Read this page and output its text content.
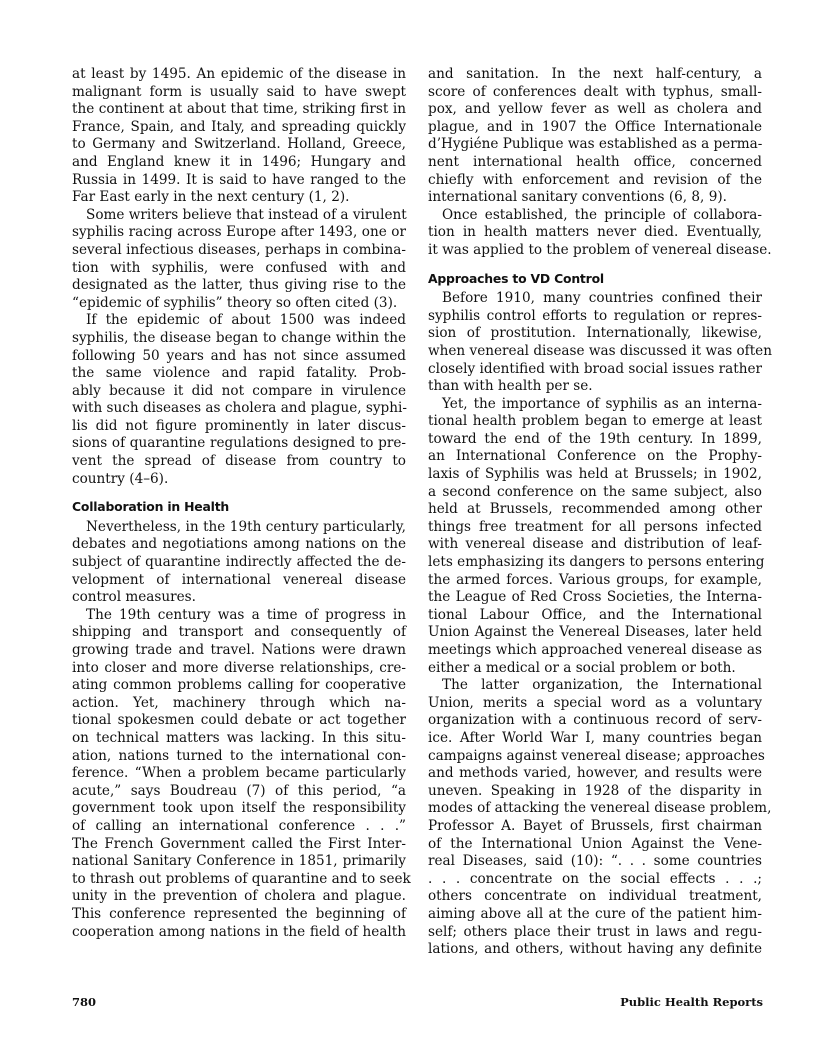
at least by 1495. An epidemic of the disease in
malignant form is usually said to have swept
the continent at about that time, striking first in
France, Spain, and Italy, and spreading quickly
to Germany and Switzerland. Holland, Greece,
and England knew it in 1496; Hungary and
Russia in 1499. It is said to have ranged to the
Far East early in the next century (1, 2).
Some writers believe that instead of a virulent
syphilis racing across Europe after 1493, one or
several infectious diseases, perhaps in combina-
tion with syphilis, were confused with and
designated as the latter, thus giving rise to the
“epidemic of syphilis” theory so often cited (3).
If the epidemic of about 1500 was indeed
syphilis, the disease began to change within the
following 50 years and has not since assumed
the same violence and rapid fatality. Prob-
ably because it did not compare in virulence
with such diseases as cholera and plague, syphi-
lis did not figure prominently in later discus-
sions of quarantine regulations designed to pre-
vent the spread of disease from country to
country (4–6).
Collaboration in Health
Nevertheless, in the 19th century particularly,
debates and negotiations among nations on the
subject of quarantine indirectly affected the de-
velopment of international venereal disease
control measures.
The 19th century was a time of progress in
shipping and transport and consequently of
growing trade and travel. Nations were drawn
into closer and more diverse relationships, cre-
ating common problems calling for cooperative
action. Yet, machinery through which na-
tional spokesmen could debate or act together
on technical matters was lacking. In this situ-
ation, nations turned to the international con-
ference. “When a problem became particularly
acute,” says Boudreau (7) of this period, “a
government took upon itself the responsibility
of calling an international conference . . .”
The French Government called the First Inter-
national Sanitary Conference in 1851, primarily
to thrash out problems of quarantine and to seek
unity in the prevention of cholera and plague.
This conference represented the beginning of
cooperation among nations in the field of health
and sanitation. In the next half-century, a
score of conferences dealt with typhus, small-
pox, and yellow fever as well as cholera and
plague, and in 1907 the Office Internationale
d’Hygiéne Publique was established as a perma-
nent international health office, concerned
chiefly with enforcement and revision of the
international sanitary conventions (6, 8, 9).
Once established, the principle of collabora-
tion in health matters never died. Eventually,
it was applied to the problem of venereal disease.
Approaches to VD Control
Before 1910, many countries confined their
syphilis control efforts to regulation or repres-
sion of prostitution. Internationally, likewise,
when venereal disease was discussed it was often
closely identified with broad social issues rather
than with health per se.
Yet, the importance of syphilis as an interna-
tional health problem began to emerge at least
toward the end of the 19th century. In 1899,
an International Conference on the Prophy-
laxis of Syphilis was held at Brussels; in 1902,
a second conference on the same subject, also
held at Brussels, recommended among other
things free treatment for all persons infected
with venereal disease and distribution of leaf-
lets emphasizing its dangers to persons entering
the armed forces. Various groups, for example,
the League of Red Cross Societies, the Interna-
tional Labour Office, and the International
Union Against the Venereal Diseases, later held
meetings which approached venereal disease as
either a medical or a social problem or both.
The latter organization, the International
Union, merits a special word as a voluntary
organization with a continuous record of serv-
ice. After World War I, many countries began
campaigns against venereal disease; approaches
and methods varied, however, and results were
uneven. Speaking in 1928 of the disparity in
modes of attacking the venereal disease problem,
Professor A. Bayet of Brussels, first chairman
of the International Union Against the Vene-
real Diseases, said (10): “. . . some countries
. . . concentrate on the social effects . . .;
others concentrate on individual treatment,
aiming above all at the cure of the patient him-
self; others place their trust in laws and regu-
lations, and others, without having any definite
780	Public Health Reports
